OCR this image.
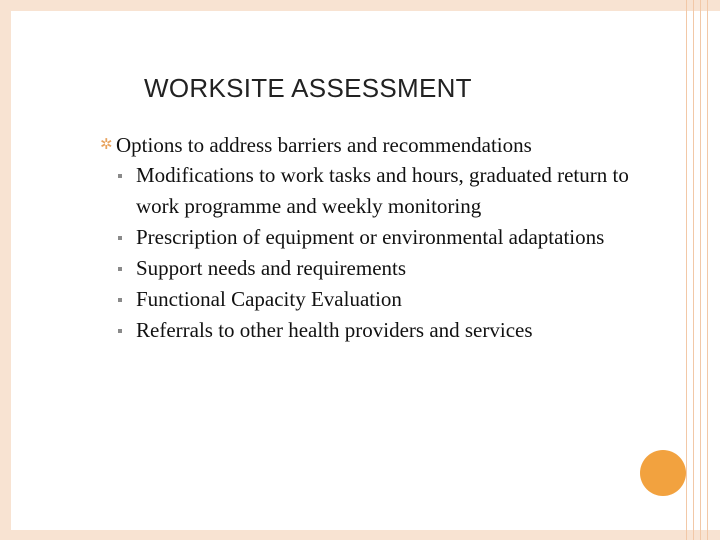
WORKSITE ASSESSMENT
✲ Options to address barriers and recommendations
Modifications to work tasks and hours, graduated return to work programme and weekly monitoring
Prescription of equipment or environmental adaptations
Support needs and requirements
Functional Capacity Evaluation
Referrals to other health providers and services
